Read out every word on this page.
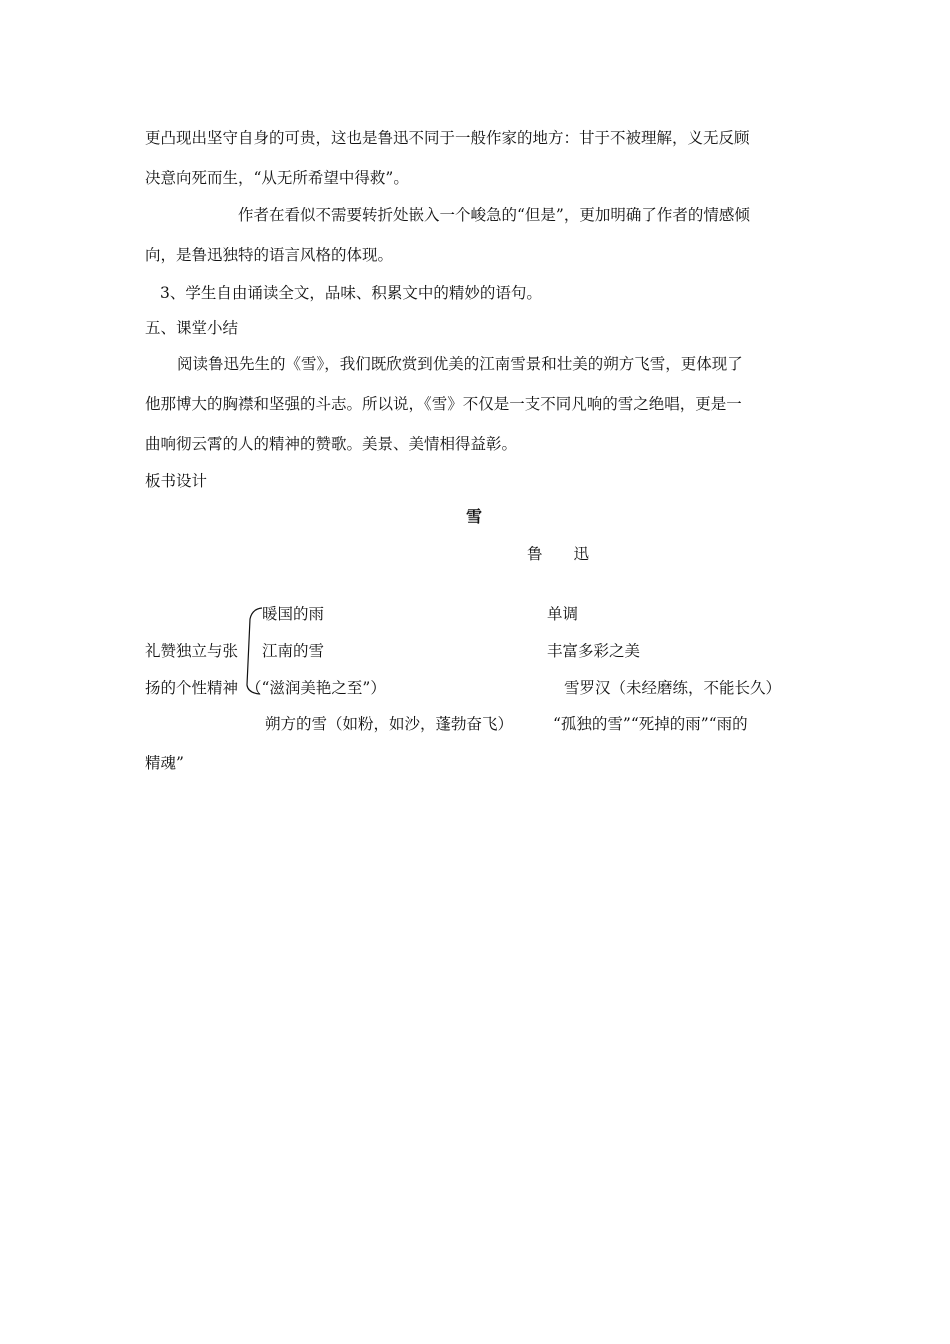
更凸现出坚守自身的可贵，这也是鲁迅不同于一般作家的地方：甘于不被理解，义无反顾
决意向死而生，“从无所希望中得救”。
作者在看似不需要转折处嵌入一个峻急的“但是”，更加明确了作者的情感倾
向，是鲁迅独特的语言风格的体现。
3、学生自由诵读全文，品味、积累文中的精妙的语句。
五、课堂小结
阅读鲁迅先生的《雪》，我们既欣赏到优美的江南雪景和壮美的朔方飞雪，更体现了
他那博大的胸襟和坚强的斗志。所以说，《雪》不仅是一支不同凡响的雪之绝唱，更是一
曲响彻云霄的人的精神的赞歌。美景、美情相得益彰。
板书设计
雪
鲁　　迅
礼赞独立与张
扬的个性精神
暖国的雨	单调
江南的雪	丰富多彩之美
（“滋润美艳之至”）	雪罗汉（未经磨练，不能长久）
朔方的雪（如粉，如沙，蓬勃奋飞）	“孤独的雪”“死掉的雨”“雨的
精魂”
